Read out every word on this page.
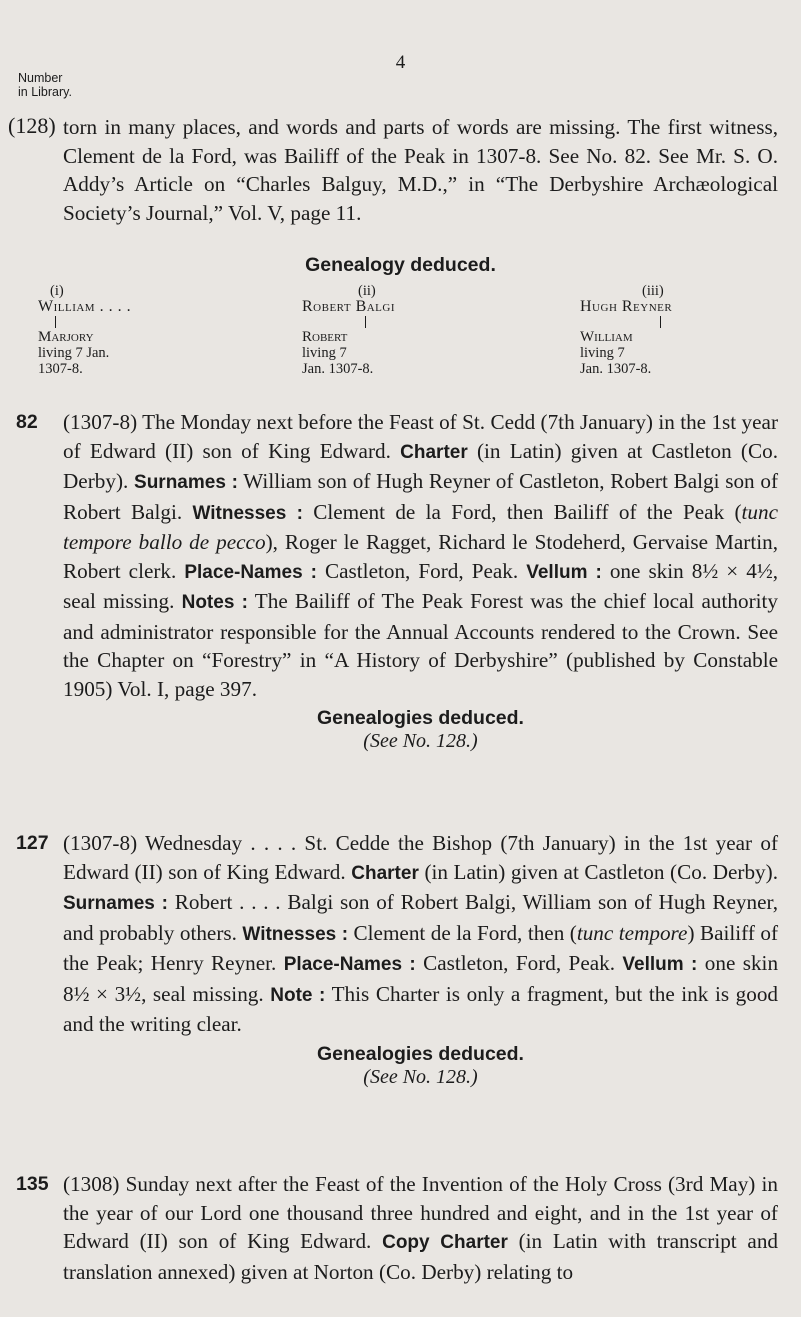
4
Number
in Library.
(128) torn in many places, and words and parts of words are missing. The first witness, Clement de la Ford, was Bailiff of the Peak in 1307-8. See No. 82. See Mr. S. O. Addy’s Article on “Charles Balguy, M.D.,” in “The Derbyshire Archæological Society’s Journal,” Vol. V, page 11.
Genealogy deduced.
(i)
William . . . .
Marjory
living 7 Jan.
1307-8.
(ii)
Robert Balgi
Robert
living 7
Jan. 1307-8.
(iii)
Hugh Reyner
William
living 7
Jan. 1307-8.
82 (1307-8) The Monday next before the Feast of St. Cedd (7th January) in the 1st year of Edward (II) son of King Edward. Charter (in Latin) given at Castleton (Co. Derby). Surnames : William son of Hugh Reyner of Castleton, Robert Balgi son of Robert Balgi. Witnesses : Clement de la Ford, then Bailiff of the Peak (tunc tempore ballo de pecco), Roger le Ragget, Richard le Stodeherd, Gervaise Martin, Robert clerk. Place-Names : Castleton, Ford, Peak. Vellum : one skin 8½ × 4½, seal missing. Notes : The Bailiff of The Peak Forest was the chief local authority and administrator responsible for the Annual Accounts rendered to the Crown. See the Chapter on “Forestry” in “A History of Derbyshire” (published by Constable 1905) Vol. I, page 397.
Genealogies deduced.
(See No. 128.)
127 (1307-8) Wednesday . . . . St. Cedde the Bishop (7th January) in the 1st year of Edward (II) son of King Edward. Charter (in Latin) given at Castleton (Co. Derby). Surnames : Robert . . . . Balgi son of Robert Balgi, William son of Hugh Reyner, and probably others. Witnesses : Clement de la Ford, then (tunc tempore) Bailiff of the Peak; Henry Reyner. Place-Names : Castleton, Ford, Peak. Vellum : one skin 8½ × 3½, seal missing. Note : This Charter is only a fragment, but the ink is good and the writing clear.
Genealogies deduced.
(See No. 128.)
135 (1308) Sunday next after the Feast of the Invention of the Holy Cross (3rd May) in the year of our Lord one thousand three hundred and eight, and in the 1st year of Edward (II) son of King Edward. Copy Charter (in Latin with transcript and translation annexed) given at Norton (Co. Derby) relating to
